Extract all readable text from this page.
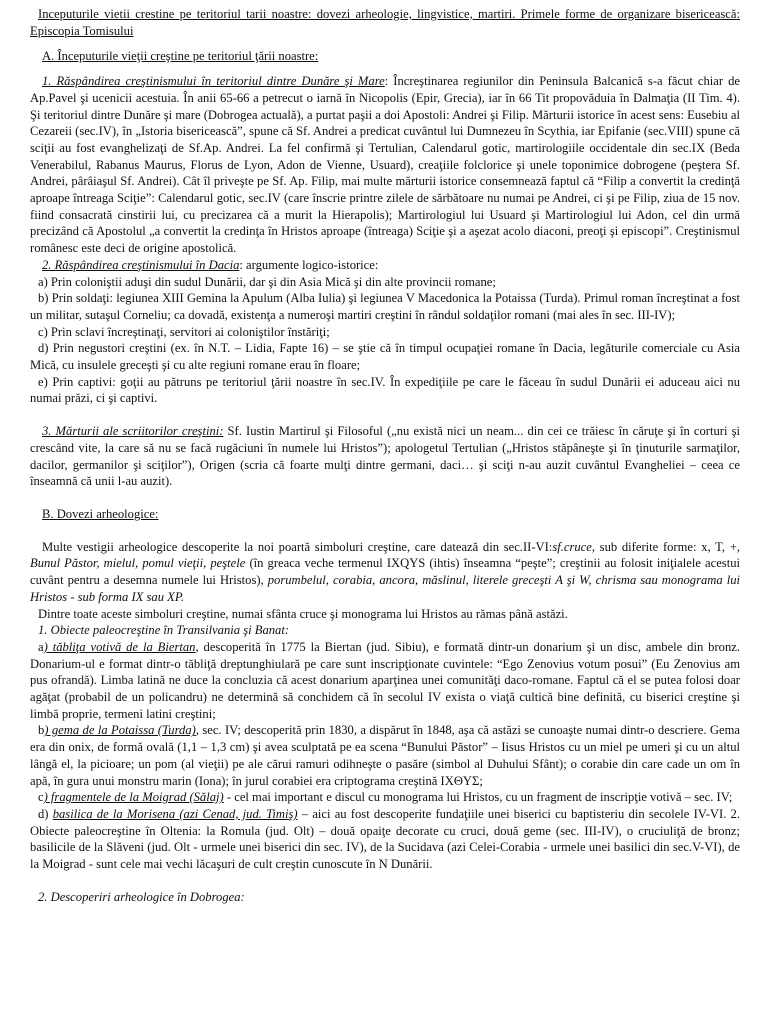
Inceputurile vietii crestine pe teritoriul tarii noastre: dovezi arheologie, lingvistice, martiri. Primele forme de organizare bisericească: Episcopia Tomisului

A. Începuturile vieţii creştine pe teritoriul ţării noastre:

1. Răspândirea creştinismului în teritoriul dintre Dunăre şi Mare: Încreştinarea regiunilor din Peninsula Balcanică s-a făcut chiar de Ap.Pavel şi ucenicii acestuia. În anii 65-66 a petrecut o iarnă în Nicopolis (Epir, Grecia), iar în 66 Tit propovăduia în Dalmaţia (II Tim. 4). Şi teritoriul dintre Dunăre şi mare (Dobrogea actuală), a purtat paşii a doi Apostoli: Andrei şi Filip. Mărturii istorice în acest sens: Eusebiu al Cezareii (sec.IV), în „Istoria bisericească”, spune că Sf. Andrei a predicat cuvântul lui Dumnezeu în Scythia, iar Epifanie (sec.VIII) spune că sciţii au fost evanghelizaţi de Sf.Ap. Andrei. La fel confirmă şi Tertulian, Calendarul gotic, martirologiile occidentale din sec.IX (Beda Venerabilul, Rabanus Maurus, Florus de Lyon, Adon de Vienne, Usuard), creaţiile folclorice şi unele toponimice dobrogene (peştera Sf. Andrei, pârâiaşul Sf. Andrei). Cât îl priveşte pe Sf. Ap. Filip, mai multe mărturii istorice consemnează faptul că “Filip a convertit la credinţă aproape întreaga Sciţie”: Calendarul gotic, sec.IV (care înscrie printre zilele de sărbătoare nu numai pe Andrei, ci şi pe Filip, ziua de 15 nov. fiind consacrată cinstirii lui, cu precizarea că a murit la Hierapolis); Martirologiul lui Usuard şi Martirologiul lui Adon, cel din urmă precizând că Apostolul „a convertit la credinţa în Hristos aproape (întreaga) Sciţie şi a aşezat acolo diaconi, preoţi şi episcopi”. Creştinismul românesc este deci de origine apostolică.

2. Răspândirea creştinismului în Dacia: argumente logico-istorice:

a) Prin coloniştii aduşi din sudul Dunării, dar şi din Asia Mică şi din alte provincii romane;

b) Prin soldaţi: legiunea XIII Gemina la Apulum (Alba Iulia) şi legiunea V Macedonica la Potaissa (Turda). Primul roman încreştinat a fost un militar, sutaşul Corneliu; ca dovadă, existenţa a numeroşi martiri creştini în rândul soldaţilor romani (mai ales în sec. III-IV);

c) Prin sclavi încreştinaţi, servitori ai coloniştilor înstăriţi;

d) Prin negustori creştini (ex. în N.T. – Lidia, Fapte 16) – se ştie că în timpul ocupaţiei romane în Dacia, legăturile comerciale cu Asia Mică, cu insulele greceşti şi cu alte regiuni romane erau în floare;

e) Prin captivi: goţii au pătruns pe teritoriul ţării noastre în sec.IV. În expediţiile pe care le făceau în sudul Dunării ei aduceau aici nu numai prăzi, ci şi captivi.

3. Mărturii ale scriitorilor creştini: Sf. Iustin Martirul şi Filosoful („nu există nici un neam... din cei ce trăiesc în căruţe şi în corturi şi crescând vite, la care să nu se facă rugăciuni în numele lui Hristos”); apologetul Tertulian („Hristos stăpâneşte şi în ţinuturile sarmaţilor, dacilor, germanilor şi sciţilor”), Origen (scria că foarte mulţi dintre germani, daci… şi sciţi n-au auzit cuvântul Evangheliei – ceea ce înseamnă că unii l-au auzit).

B. Dovezi arheologice:

Multe vestigii arheologice descoperite la noi poartă simboluri creştine, care datează din sec.II-VI:sf.cruce, sub diferite forme: x, T, +, Bunul Păstor, mielul, pomul vieţii, peştele (în greaca veche termenul IXQYS (ihtis) înseamna “peşte”; creştinii au folosit iniţialele acestui cuvânt pentru a desemna numele lui Hristos), porumbelul, corabia, ancora, măslinul, literele greceşti A şi W, chrisma sau monograma lui Hristos - sub forma IX sau XP.

Dintre toate aceste simboluri creştine, numai sfânta cruce şi monograma lui Hristos au rămas până astăzi.

1. Obiecte paleocreştine în Transilvania şi Banat:

a) tăbliţa votivă de la Biertan, descoperită în 1775 la Biertan (jud. Sibiu), e formată dintr-un donarium şi un disc, ambele din bronz. Donarium-ul e format dintr-o tăbliţă dreptunghiulară pe care sunt inscripţionate cuvintele: “Ego Zenovius votum posui” (Eu Zenovius am pus ofrandă). Limba latină ne duce la concluzia că acest donarium aparţinea unei comunităţi daco-romane. Faptul că el se putea folosi doar agăţat (probabil de un policandru) ne determină să conchidem că în secolul IV exista o viaţă cultică bine definită, cu biserici creştine şi limbă proprie, termeni latini creştini;

b) gema de la Potaissa (Turda), sec. IV; descoperită prin 1830, a dispărut în 1848, aşa că astăzi se cunoaşte numai dintr-o descriere. Gema era din onix, de formă ovală (1,1 – 1,3 cm) şi avea sculptată pe ea scena “Bunului Păstor” – Iisus Hristos cu un miel pe umeri şi cu un altul lângă el, la picioare; un pom (al vieţii) pe ale cărui ramuri odihneşte o pasăre (simbol al Duhului Sfânt); o corabie din care cade un om în apă, în gura unui monstru marin (Iona); în jurul corabiei era criptograma creştină IXΘYΣ;

c) fragmentele de la Moigrad (Sălaj) - cel mai important e discul cu monograma lui Hristos, cu un fragment de inscripţie votivă – sec. IV;

d) basilica de la Morisena (azi Cenad, jud. Timiş) – aici au fost descoperite fundaţiile unei biserici cu baptisteriu din secolele IV-VI. 2. Obiecte paleocreştine în Oltenia: la Romula (jud. Olt) – două opaiţe decorate cu cruci, două geme (sec. III-IV), o cruciuliţă de bronz; basilicile de la Slăveni (jud. Olt - urmele unei biserici din sec. IV), de la Sucidava (azi Celei-Corabia - urmele unei basilici din sec.V-VI), de la Moigrad - sunt cele mai vechi lăcaşuri de cult creştin cunoscute în N Dunării.

2. Descoperiri arheologice în Dobrogea:
